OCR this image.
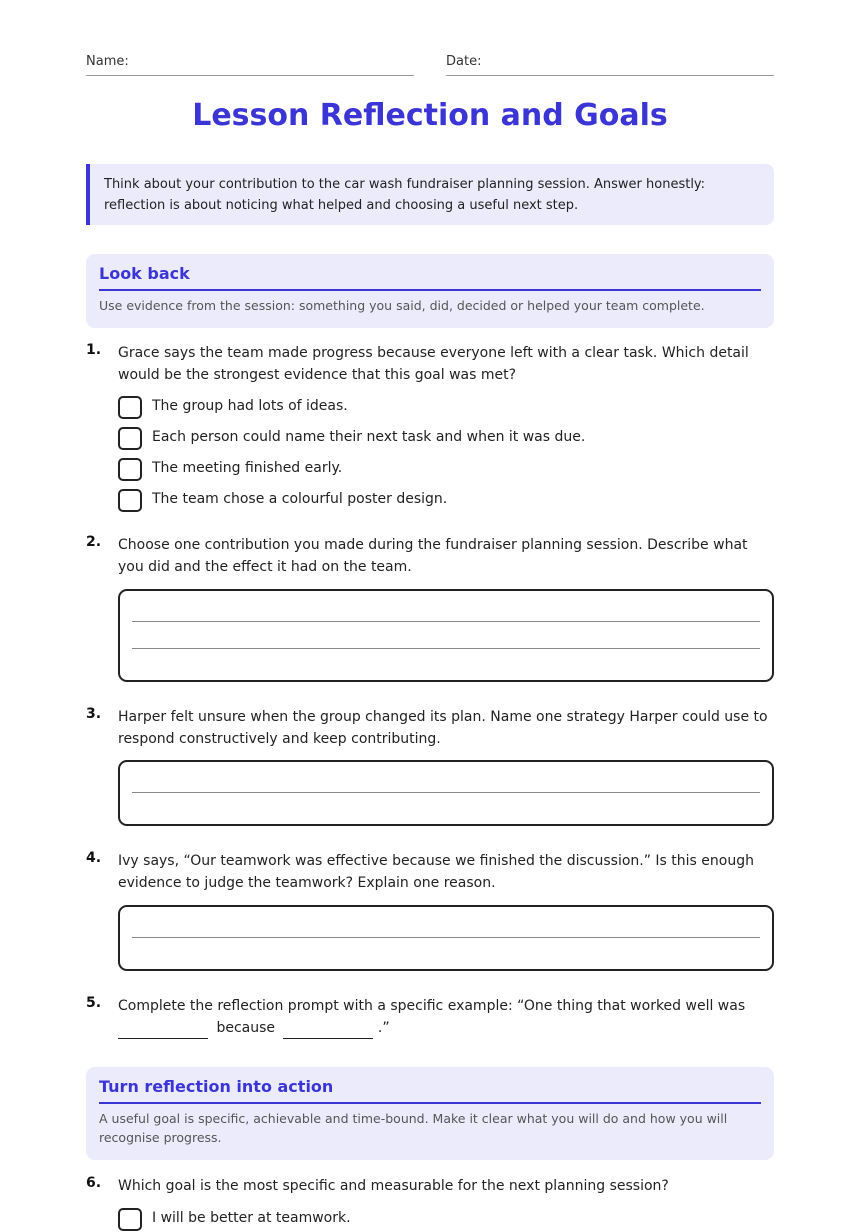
Name:	Date:
Lesson Reflection and Goals
Think about your contribution to the car wash fundraiser planning session. Answer honestly: reflection is about noticing what helped and choosing a useful next step.
Look back
Use evidence from the session: something you said, did, decided or helped your team complete.
1. Grace says the team made progress because everyone left with a clear task. Which detail would be the strongest evidence that this goal was met?
The group had lots of ideas.
Each person could name their next task and when it was due.
The meeting finished early.
The team chose a colourful poster design.
2. Choose one contribution you made during the fundraiser planning session. Describe what you did and the effect it had on the team.
3. Harper felt unsure when the group changed its plan. Name one strategy Harper could use to respond constructively and keep contributing.
4. Ivy says, “Our teamwork was effective because we finished the discussion.” Is this enough evidence to judge the teamwork? Explain one reason.
5. Complete the reflection prompt with a specific example: “One thing that worked well was
because	.”
Turn reflection into action
A useful goal is specific, achievable and time-bound. Make it clear what you will do and how you will recognise progress.
6. Which goal is the most specific and measurable for the next planning session?
I will be better at teamwork.
